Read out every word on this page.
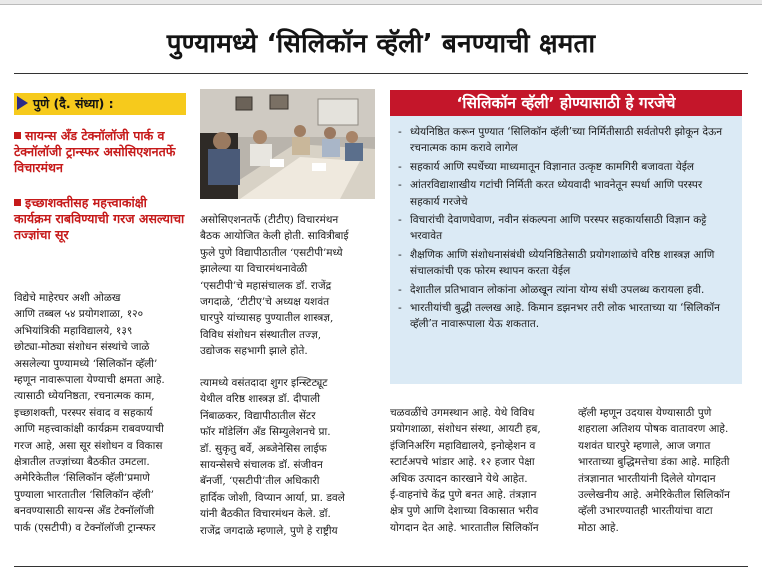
पुण्यामध्ये ‘सिलिकॉन व्हॅली’ बनण्याची क्षमता
पुणे (दै. संध्या) :
सायन्स अँड टेक्नॉलॉजी पार्क व टेक्नॉलॉजी ट्रान्स्फर असोसिएशनतर्फे विचारमंथन
इच्छाशक्तीसह महत्त्वाकांक्षी कार्यक्रम राबविण्याची गरज असल्याचा तज्ज्ञांचा सूर

विद्येचे माहेरघर अशी ओळख
आणि तब्बल ५४ प्रयोगशाळा, १२०
अभियांत्रिकी महाविद्यालये, १३९
छोट्या-मोठ्या संशोधन संस्थांचे जाळे
असलेल्या पुण्यामध्ये ‘सिलिकॉन व्हॅली’
म्हणून नावारूपाला येण्याची क्षमता आहे.
त्यासाठी ध्येयनिष्ठता, रचनात्मक काम,
इच्छाशक्ती, परस्पर संवाद व सहकार्य
आणि महत्त्वाकांक्षी कार्यक्रम राबवण्याची
गरज आहे, असा सूर संशोधन व विकास
क्षेत्रातील तज्ज्ञांच्या बैठकीत उमटला.
अमेरिकेतील ‘सिलिकॉन व्हॅली’प्रमाणे
पुण्याला भारतातील ‘सिलिकॉन व्हॅली’
बनवण्यासाठी सायन्स अँड टेक्नॉलॉजी
पार्क (एसटीपी) व टेक्नॉलॉजी ट्रान्स्फर

असोसिएशनतर्फे (टीटीए) विचारमंथन
बैठक आयोजित केली होती. सावित्रीबाई
फुले पुणे विद्यापीठातील ‘एसटीपी’मध्ये
झालेल्या या विचारमंथनावेळी
‘एसटीपी’चे महासंचालक डॉ. राजेंद्र
जगदाळे, ‘टीटीए’चे अध्यक्ष यशवंत
घारपुरे यांच्यासह पुण्यातील शास्त्रज्ञ,
विविध संशोधन संस्थातील तज्ज्ञ,
उद्योजक सहभागी झाले होते.

त्यामध्ये वसंतदादा शुगर इन्स्टिट्यूट
येथील वरिष्ठ शास्त्रज्ञ डॉ. दीपाली
निंबाळकर, विद्यापीठातील सेंटर
फॉर मॉडेलिंग अँड सिम्युलेशनचे प्रा.
डॉ. सुकृतु बर्वे, अब्जेनेसिस लाईफ
सायन्सेसचे संचालक डॉ. संजीवन
बॅनर्जी, ‘एसटीपी’तील अधिकारी
हार्दिक जोशी, विप्यान आर्या, प्रा. डवले
यांनी बैठकीत विचारमंथन केले. डॉ.
राजेंद्र जगदाळे म्हणाले, पुणे हे राष्ट्रीय

‘सिलिकॉन व्हॅली’ होण्यासाठी हे गरजेचे
- ध्येयनिष्ठित करून पुण्यात ‘सिलिकॉन व्हॅली’च्या निर्मितीसाठी सर्वतोपरी झोकून देऊन रचनात्मक काम करावे लागेल
- सहकार्य आणि स्पर्धेच्या माध्यमातून विज्ञानात उत्कृष्ट कामगिरी बजावता येईल
- आंतरविद्याशाखीय गटांची निर्मिती करत ध्येयवादी भावनेतून स्पर्धा आणि परस्पर सहकार्य गरजेचे
- विचारांची देवाणघेवाण, नवीन संकल्पना आणि परस्पर सहकार्यासाठी विज्ञान कट्टे भरवावेत
- शैक्षणिक आणि संशोधनासंबंधी ध्येयनिष्ठितेसाठी प्रयोगशाळांचे वरिष्ठ शास्त्रज्ञ आणि संचालकांची एक फोरम स्थापन करता येईल
- देशातील प्रतिभावान लोकांना ओळखून त्यांना योग्य संधी उपलब्ध करायला हवी.
- भारतीयांची बुद्धी तल्लख आहे. किमान डझनभर तरी लोक भारताच्या या ‘सिलिकॉन व्हॅली’त नावारूपाला येऊ शकतात.

चळवळींचे उगमस्थान आहे. येथे विविध
प्रयोगशाळा, संशोधन संस्था, आयटी हब,
इंजिनिअरिंग महाविद्यालये, इनोव्हेशन व
स्टार्टअपचे भांडार आहे. १२ हजार पेक्षा
अधिक उत्पादन कारखाने येथे आहेत.
ई-वाहनांचे केंद्र पुणे बनत आहे. तंत्रज्ञान
क्षेत्र पुणे आणि देशाच्या विकासात भरीव
योगदान देत आहे. भारतातील सिलिकॉन

व्हॅली म्हणून उदयास येण्यासाठी पुणे
शहराला अतिशय पोषक वातावरण आहे.
यशवंत घारपुरे म्हणाले, आज जगात
भारताच्या बुद्धिमत्तेचा डंका आहे. माहिती
तंत्रज्ञानात भारतीयांनी दिलेले योगदान
उल्लेखनीय आहे. अमेरिकेतील सिलिकॉन
व्हॅली उभारण्यातही भारतीयांचा वाटा
मोठा आहे.
